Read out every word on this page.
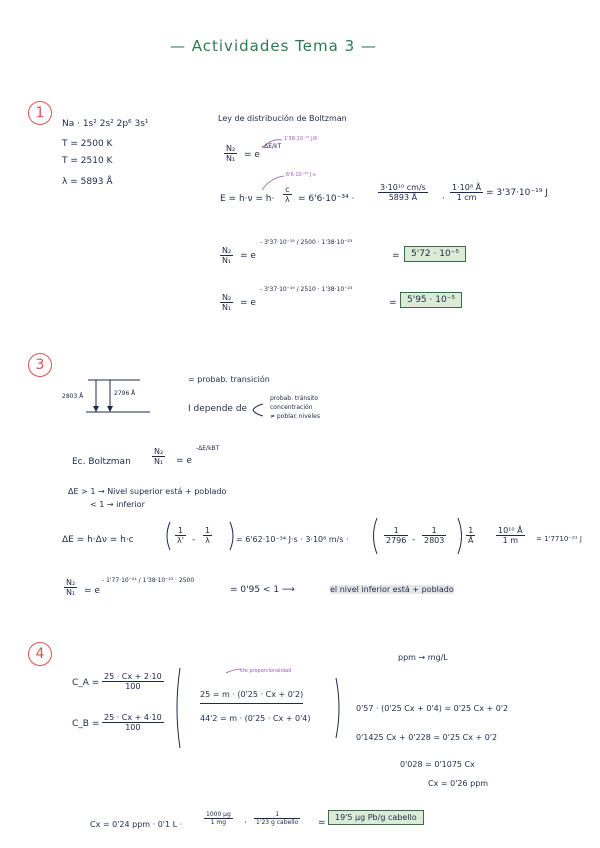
— Actividades Tema 3 —
1
Na · 1s² 2s² 2p⁶ 3s¹
T = 2500 K
T = 2510 K
λ = 5893 Å
Ley de distribución de Boltzman
$\frac{\text{N₂}}{\text{N₁}} = e$
-ΔE/kT
1'38·10⁻²³ J/K
6'6·10⁻³⁴ J·s
$E = h\cdot\nu = h\cdot \frac{c}{\lambda} = 6'6\cdot 10^{-34}$ ·	$\frac{\text{3·10¹⁰ cm/s}}{5893 Å} \cdot \frac{\text{1·10⁸ Å}}{1 cm} = 3'37\cdot 10^{-19}$ J
$\frac{\text{N₂}}{\text{N₁}} = e$
- 3'37·10⁻¹⁹ / 2500 · 1'38·10⁻²³
=	5'72 · 10⁻⁵
$\frac{\text{N₂}}{\text{N₁}} = e$
- 3'37·10⁻¹⁹ / 2510 · 1'38·10⁻²³
=	5'95 · 10⁻⁵
3
2803 Å	2796 Å
= probab. transición
I depende de
probab. tránsito
concentración
≠ poblac niveles
Ec. Boltzman	$\frac{\text{N₂}}{\text{N₁}} = e$
-ΔE/kBT
ΔE > 1 → Nivel superior está + poblado
< 1 → inferior
ΔE = h·Δν = h·c	$\frac{1}{\lambda'} - \frac{1}{\lambda}$	= 6'62·10⁻³⁴ J·s · 3·10⁸ m/s ·	$\frac{1}{2796} - \frac{1}{2803} \frac{1}{Å}$	$\frac{\text{10¹⁰ Å}}{1 m} = 1'7710^{-21}$ J
$\frac{\text{N₂}}{\text{N₁}} = e$
- 1'77·10⁻²¹ / 1'38·10⁻²³ · 2500
= 0'95 < 1 ⟶	el nivel inferior está + poblado
4	ppm → mg/L
C_A = $\frac{25 \cdot Cx + 2\cdot 10}{100}$
C_B = $\frac{25 \cdot Cx + 4\cdot 10}{100}$
cte proporcionalidad
25 = m · (0'25 · Cx + 0'2)
44'2 = m · (0'25 · Cx + 0'4)
0'57 · (0'25 Cx + 0'4) = 0'25 Cx + 0'2
0'1425 Cx + 0'228 = 0'25 Cx + 0'2
0'028 = 0'1075 Cx
Cx = 0'26 ppm
Cx = 0'24 ppm · 0'1 L ·	$\frac{1000 \mu g}{1 mg}$ ·
1
1'23 g cabello =
19'5 μg Pb/g cabello
